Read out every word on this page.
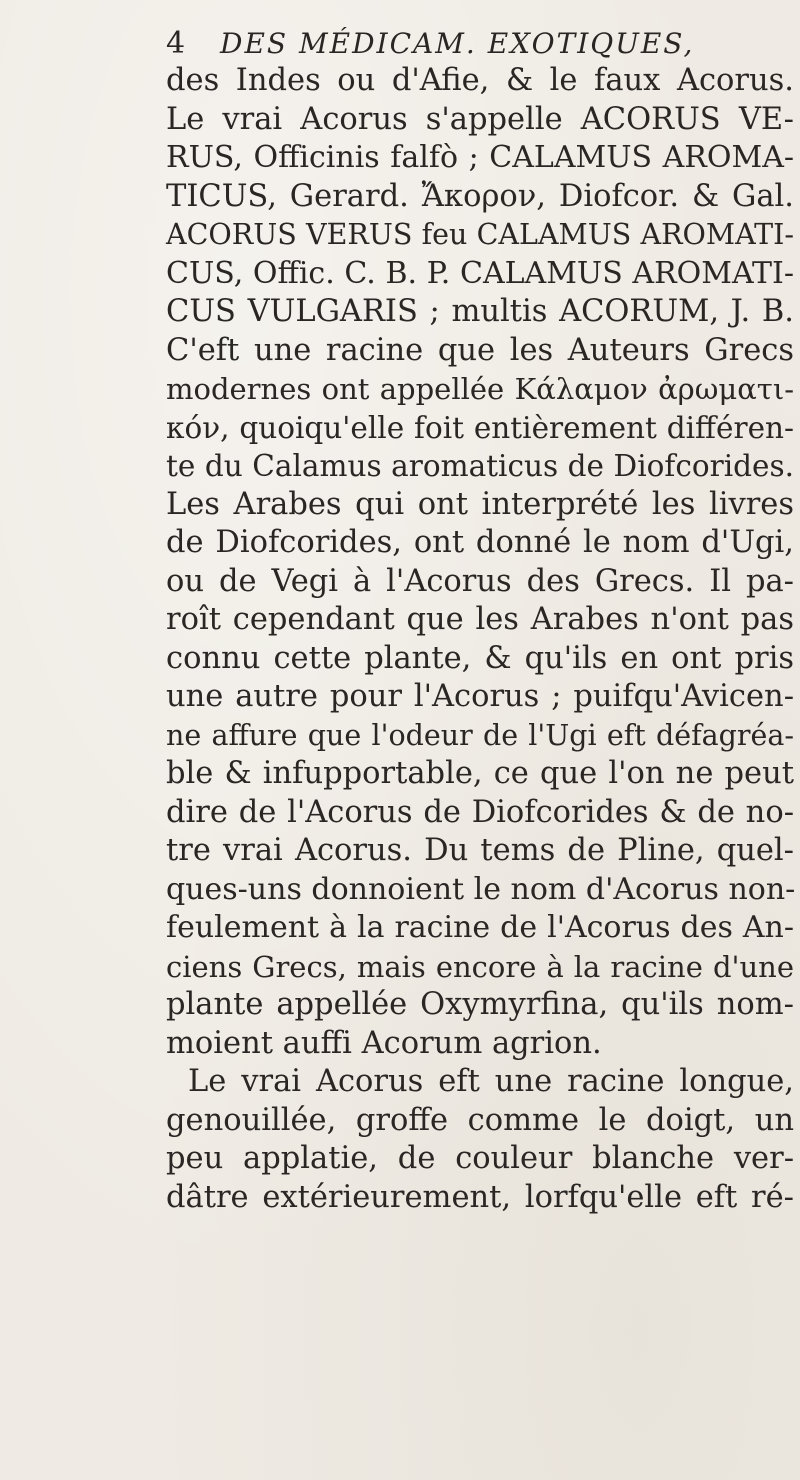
4 DES MÉDICAM. EXOTIQUES,
des Indes ou d'Afie, & le faux Acorus.
Le vrai Acorus s'appelle ACORUS VE-
RUS, Officinis falfò ; CALAMUS AROMA-
TICUS, Gerard. Ἄκορον, Diofcor. & Gal.
ACORUS VERUS feu CALAMUS AROMATI-
CUS, Offic. C. B. P. CALAMUS AROMATI-
CUS VULGARIS ; multis ACORUM, J. B.
C'eft une racine que les Auteurs Grecs
modernes ont appellée Κάλαμον ἀρωματι-
κόν, quoiqu'elle foit entièrement différen-
te du Calamus aromaticus de Diofcorides.
Les Arabes qui ont interprété les livres
de Diofcorides, ont donné le nom d'Ugi,
ou de Vegi à l'Acorus des Grecs. Il pa-
roît cependant que les Arabes n'ont pas
connu cette plante, & qu'ils en ont pris
une autre pour l'Acorus ; puifqu'Avicen-
ne affure que l'odeur de l'Ugi eft défagréa-
ble & infupportable, ce que l'on ne peut
dire de l'Acorus de Diofcorides & de no-
tre vrai Acorus. Du tems de Pline, quel-
ques-uns donnoient le nom d'Acorus non-
feulement à la racine de l'Acorus des An-
ciens Grecs, mais encore à la racine d'une
plante appellée Oxymyrfina, qu'ils nom-
moient auffi Acorum agrion.
Le vrai Acorus eft une racine longue,
genouillée, groffe comme le doigt, un
peu applatie, de couleur blanche ver-
dâtre extérieurement, lorfqu'elle eft ré-
